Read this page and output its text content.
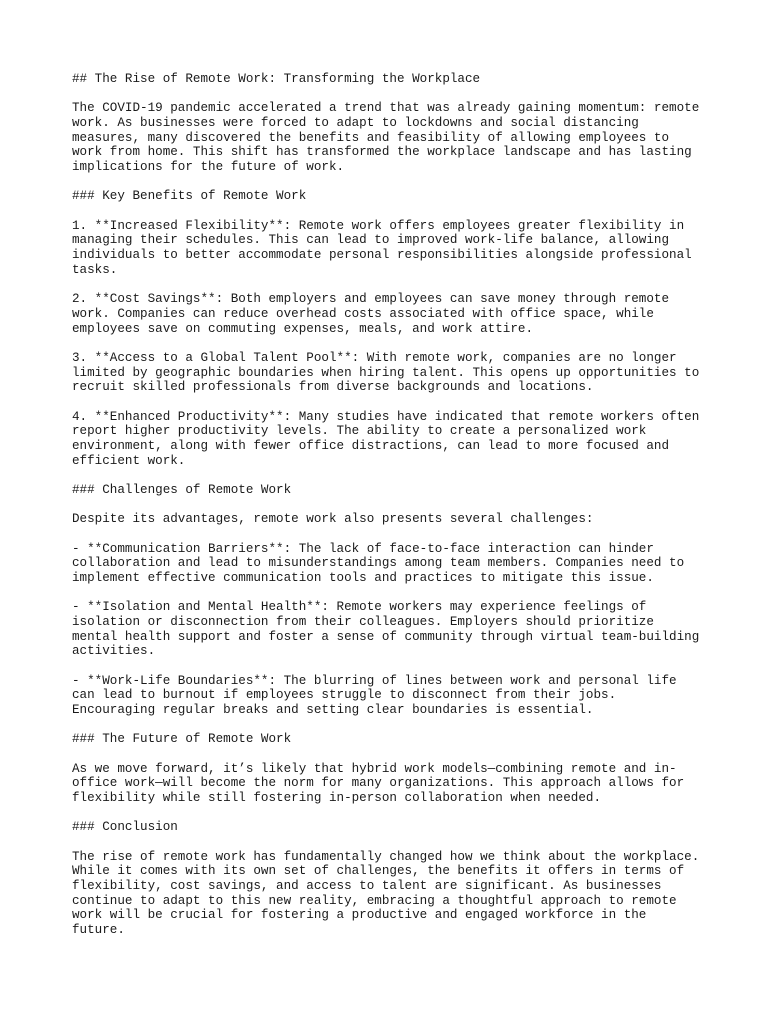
## The Rise of Remote Work: Transforming the Workplace

The COVID-19 pandemic accelerated a trend that was already gaining momentum: remote
work. As businesses were forced to adapt to lockdowns and social distancing
measures, many discovered the benefits and feasibility of allowing employees to
work from home. This shift has transformed the workplace landscape and has lasting
implications for the future of work.

### Key Benefits of Remote Work

1. **Increased Flexibility**: Remote work offers employees greater flexibility in
managing their schedules. This can lead to improved work-life balance, allowing
individuals to better accommodate personal responsibilities alongside professional
tasks.

2. **Cost Savings**: Both employers and employees can save money through remote
work. Companies can reduce overhead costs associated with office space, while
employees save on commuting expenses, meals, and work attire.

3. **Access to a Global Talent Pool**: With remote work, companies are no longer
limited by geographic boundaries when hiring talent. This opens up opportunities to
recruit skilled professionals from diverse backgrounds and locations.

4. **Enhanced Productivity**: Many studies have indicated that remote workers often
report higher productivity levels. The ability to create a personalized work
environment, along with fewer office distractions, can lead to more focused and
efficient work.

### Challenges of Remote Work

Despite its advantages, remote work also presents several challenges:

- **Communication Barriers**: The lack of face-to-face interaction can hinder
collaboration and lead to misunderstandings among team members. Companies need to
implement effective communication tools and practices to mitigate this issue.

- **Isolation and Mental Health**: Remote workers may experience feelings of
isolation or disconnection from their colleagues. Employers should prioritize
mental health support and foster a sense of community through virtual team-building
activities.

- **Work-Life Boundaries**: The blurring of lines between work and personal life
can lead to burnout if employees struggle to disconnect from their jobs.
Encouraging regular breaks and setting clear boundaries is essential.

### The Future of Remote Work

As we move forward, it’s likely that hybrid work models—combining remote and in-
office work—will become the norm for many organizations. This approach allows for
flexibility while still fostering in-person collaboration when needed.

### Conclusion

The rise of remote work has fundamentally changed how we think about the workplace.
While it comes with its own set of challenges, the benefits it offers in terms of
flexibility, cost savings, and access to talent are significant. As businesses
continue to adapt to this new reality, embracing a thoughtful approach to remote
work will be crucial for fostering a productive and engaged workforce in the
future.
